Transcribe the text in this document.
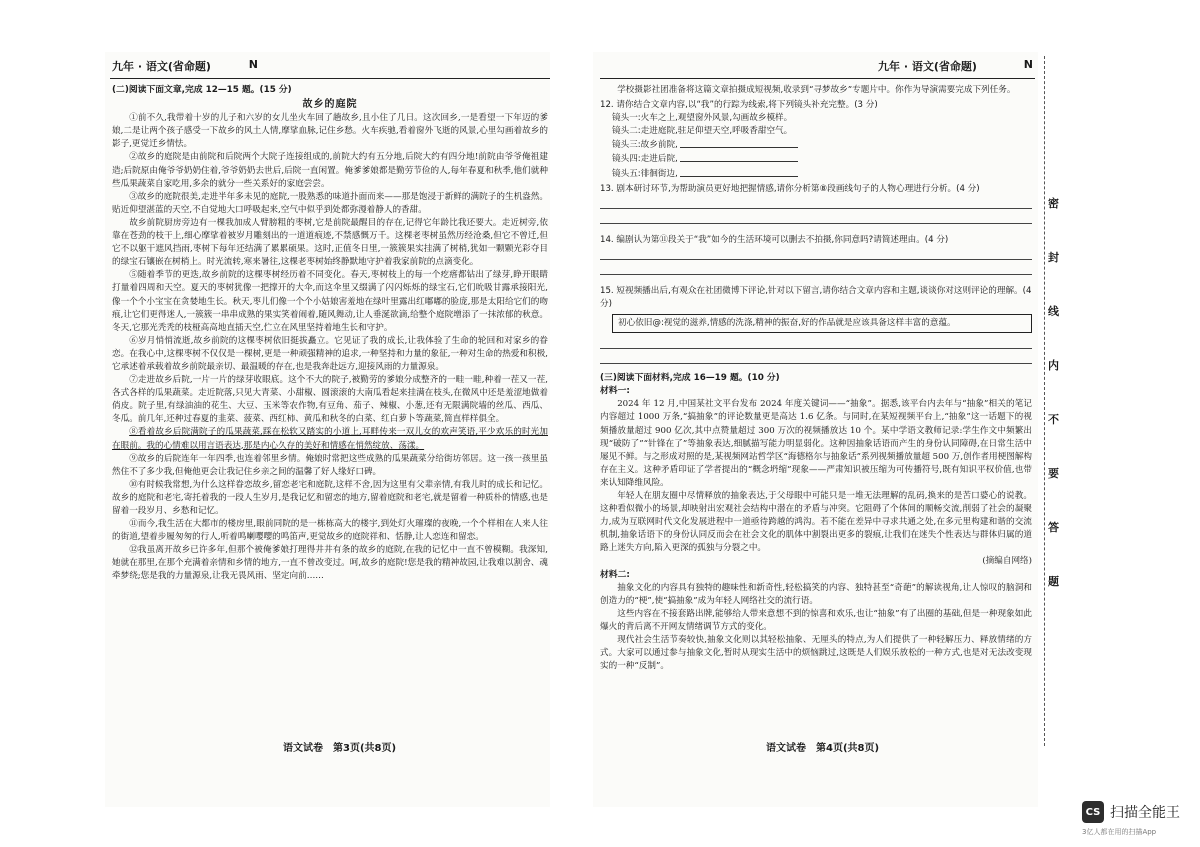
九年 · 语文(省命题)	N	九年 · 语文(省命题)	N
(二)阅读下面文章,完成 12—15 题。(15 分)
故乡的庭院

①前不久,我带着十岁的儿子和六岁的女儿坐火车回了趟故乡,且小住了几日。这次回乡,一是看望一下年迈的爹娘,二是让两个孩子感受一下故乡的风土人情,摩挲血脉,记住乡愁。火车疾驰,看着窗外飞逝的风景,心里勾画着故乡的影子,更觉迁乡情怯。

②故乡的庭院是由前院和后院两个大院子连接组成的,前院大约有五分地,后院大约有四分地!前院由爷爷俺祖建造;后院原由俺爷爷奶奶住着,爷爷奶奶去世后,后院一直闲置。俺爹爹娘都是勤劳节俭的人,每年春夏和秋季,他们就种些瓜果蔬菜自家吃用,多余的就分一些关系好的家庭尝尝。

③故乡的庭院很美,走进半年多未见的庭院,一股熟悉的味道扑面而来——那是饱浸于新鲜的满院子的生机盎然。贴近仰望湛蓝的天空,不自觉地大口呼吸起来,空气中似乎到处都弥漫着静人的香甜。

故乡前院厨房旁边有一棵我加成人臂膀粗的枣树,它是前院最醒目的存在,记得它年龄比我还要大。走近树旁,依靠在苍劲的枝干上,细心摩挲着被岁月雕刻出的一道道痕迹,不禁感慨万千。这棵老枣树虽然历经沧桑,但它不曾迁,但它不以躯干遮风挡雨,枣树下每年还结满了累累硕果。这时,正值冬日里,一簇簇果实挂满了树梢,犹如一颗颗光彩夺目的绿宝石镶嵌在树梢上。时光流转,寒来暑往,这棵老枣树始终静默地守护着我家前院的点滴变化。

⑤随着季节的更迭,故乡前院的这棵枣树经历着不同变化。春天,枣树枝上的每一个疙瘩都钻出了绿芽,睁开眼睛打量着四周和天空。夏天的枣树犹像一把撑开的大伞,而这伞里又缀满了闪闪烁烁的绿宝石,它们吮吸甘露承接阳光,像一个个小宝宝在贪婪地生长。秋天,枣儿们像一个个小姑娘害羞地在绿叶里露出红嘟嘟的脸庞,那是太阳给它们的吻痕,让它们更得迷人,一簇簇一串串成熟的果实笑着闹着,随风舞动,让人垂涎欲滴,给整个庭院增添了一抹浓郁的秋意。冬天,它那光秃秃的枝桠高高地直插天空,伫立在风里坚持着地生长和守护。

⑥岁月悄悄流逝,故乡前院的这棵枣树依旧挺拔矗立。它见证了我的成长,让我体验了生命的轮回和对家乡的眷恋。在我心中,这棵枣树不仅仅是一棵树,更是一种顽强精神的追求,一种坚持和力量的象征,一种对生命的热爱和积极,它承述着承载着故乡前院最亲切、最温暖的存在,也是我奔赴远方,迎接风雨的力量源泉。

⑦走进故乡后院,一片一片的绿芽收眼底。这个不大的院子,被勤劳的爹娘分成整齐的一畦一畦,种着一茬又一茬,各式各样的瓜果蔬菜。走近院落,只见大青菜、小甜椒、圆滚滚的大南瓜看起来挂满在枝头,在微风中还是羞涩地做着俏皮。院子里,有绿油油的花生、大豆、玉米等农作物,有豆角、茄子、辣椒、小葱,还有无限满院墙的丝瓜、西瓜、冬瓜。前几年,还种过春夏的韭菜、菠菜、西红柿、黄瓜和秋冬的白菜、红白萝卜等蔬菜,简直样样俱全。

⑧看着故乡后院满院子的瓜果蔬菜,踩在松软又踏实的小道上,耳畔传来一双儿女的欢声笑语,平少欢乐的时光加在眼前。我的心情难以用言语表达,那是内心久存的美好和情感在悄然绽放、荡漾。

⑨故乡的后院连年一年四季,也连着邻里乡情。俺娘时常把这些成熟的瓜果蔬菜分给街坊邻居。这一孩一孩里虽然住不了多少我,但俺他更会让我记住乡亲之间的温馨了好人缘好口碑。

⑩有时候我常想,为什么这样眷恋故乡,留恋老宅和庭院,这样不舍,因为这里有父辈亲情,有我儿时的成长和记忆。故乡的庭院和老宅,寄托着我的一段人生岁月,是我记忆和留恋的地方,留着庭院和老宅,就是留着一种质朴的情感,也是留着一段岁月、乡愁和记忆。

⑪而今,我生活在大都市的楼房里,眼前同院的是一栋栋高大的楼宇,到处灯火璀璨的夜晚,一个个样相在人来人往的街道,望着步履匆匆的行人,听着鸣喇嘤嘤的鸣笛声,更觉故乡的庭院祥和、恬静,让人恋连和留恋。

⑫我虽离开故乡已许多年,但那个被俺爹娘打理得井井有条的故乡的庭院,在我的记忆中一直不曾模糊。我深知,她就在那里,在那个充满着亲情和乡情的地方,一直不曾改变过。呵,故乡的庭院!您是我的精神故园,让我难以割舍、魂牵梦绕;您是我的力量源泉,让我无畏风雨、坚定向前……

学校摄影社团准备将这篇文章拍摄成短视频,收录到“寻梦故乡”专题片中。你作为导演需要完成下列任务。

12. 请你结合文章内容,以“我”的行踪为线索,将下列镜头补充完整。(3 分)
镜头一:火车之上,观望窗外风景,勾画故乡模样。
镜头二:走进庭院,驻足仰望天空,呼吸香甜空气。
镜头三:故乡前院,
镜头四:走进后院,
镜头五:徘徊街边,
13. 剧本研讨环节,为帮助演员更好地把握情感,请你分析第⑧段画线句子的人物心理进行分析。(4 分)
14. 编剧认为第⑪段关于“我”如今的生活环境可以删去不拍摄,你同意吗?请简述理由。(4 分)
15. 短视频播出后,有观众在社团微博下评论,针对以下留言,请你结合文章内容和主题,谈谈你对这则评论的理解。(4 分)
初心依旧@:视觉的滋养,情感的洗涤,精神的振奋,好的作品就是应该具备这样丰富的意蕴。
(三)阅读下面材料,完成 16—19 题。(10 分)
材料一:

2024 年 12 月,中国某社文平台发布 2024 年度关键词——“抽象”。据悉,该平台内去年与“抽象”相关的笔记内容超过 1000 万条,“搞抽象”的评论数量更是高达 1.6 亿条。与同时,在某短视频平台上,“抽象”这一话题下的视频播放量超过 900 亿次,其中点赞量超过 300 万次的视频播放达 10 个。某中学语文教师记录:学生作文中频繁出现“破防了”“针锋在了”等抽象表达,细腻描写能力明显弱化。这种因抽象话语而产生的身份认同障碍,在日常生活中屡见不鲜。与之形成对照的是,某视频网站哲学区“海德格尔与抽象话”系列视频播放量超 500 万,创作者用梗图解构存在主义。这种矛盾印证了学者提出的“概念坍缩”现象——严肃知识被压缩为可传播符号,既有知识平权价值,也带来认知降维风险。

年轻人在朋友圈中尽情释放的抽象表达,于父母眼中可能只是一堆无法理解的乱码,换来的是苦口婆心的说教。这种看似微小的场景,却映射出宏观社会结构中潜在的矛盾与冲突。它阻碍了个体间的顺畅交流,削弱了社会的凝聚力,成为互联网时代文化发展进程中一道亟待跨越的鸿沟。若不能在差异中寻求共通之处,在多元里构建和谐的交流机制,抽象话语下的身份认同反而会在社会文化的肌体中割裂出更多的裂痕,让我们在迷失个性表达与群体归属的道路上迷失方向,陷入更深的孤独与分裂之中。

(摘编自网络)
材料二:

抽象文化的内容具有独特的趣味性和新奇性,轻松搞笑的内容、独特甚至“奇葩”的解读视角,让人惊叹的脑洞和创造力的“梗”,使“搞抽象”成为年轻人网络社交的流行语。

这些内容在不接套路出牌,能够给人带来意想不到的惊喜和欢乐,也让“抽象”有了出圈的基础,但是一种现象如此爆火的背后离不开网友情绪调节方式的变化。

现代社会生活节奏较快,抽象文化则以其轻松抽象、无厘头的特点,为人们提供了一种轻解压力、释放情绪的方式。大家可以通过参与抽象文化,暂时从现实生活中的烦恼跳过,这既是人们娱乐放松的一种方式,也是对无法改变现实的一种“反制”。

语文试卷　第3页(共8页)	语文试卷　第4页(共8页)
密
封
线
内
不
要
答
题
CS 扫描全能王
3亿人都在用的扫描App
